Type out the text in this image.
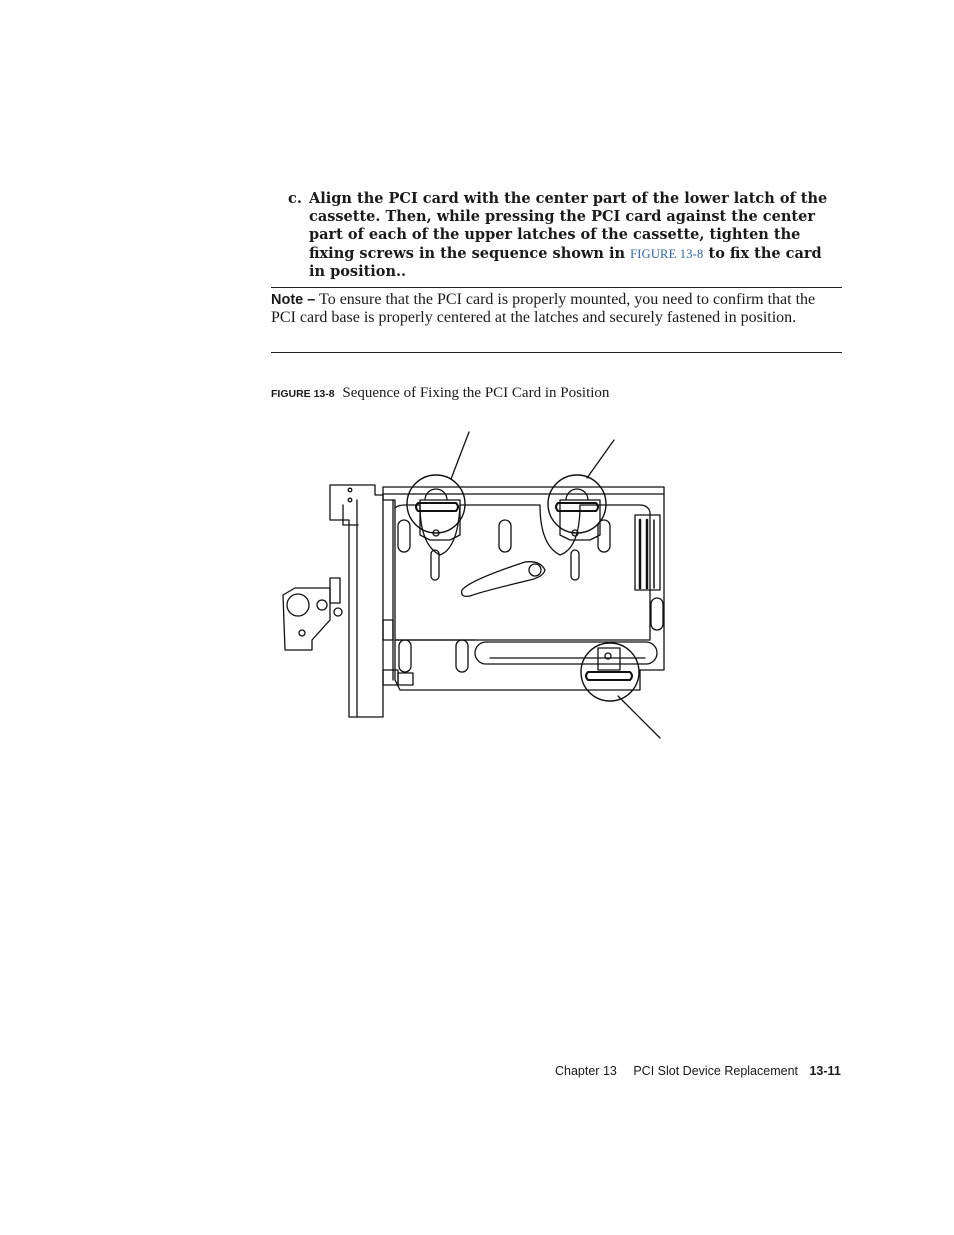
c. Align the PCI card with the center part of the lower latch of the cassette. Then, while pressing the PCI card against the center part of each of the upper latches of the cassette, tighten the fixing screws in the sequence shown in FIGURE 13-8 to fix the card in position..
Note – To ensure that the PCI card is properly mounted, you need to confirm that the PCI card base is properly centered at the latches and securely fastened in position.
FIGURE 13-8 Sequence of Fixing the PCI Card in Position
Chapter 13 PCI Slot Device Replacement 13-11
